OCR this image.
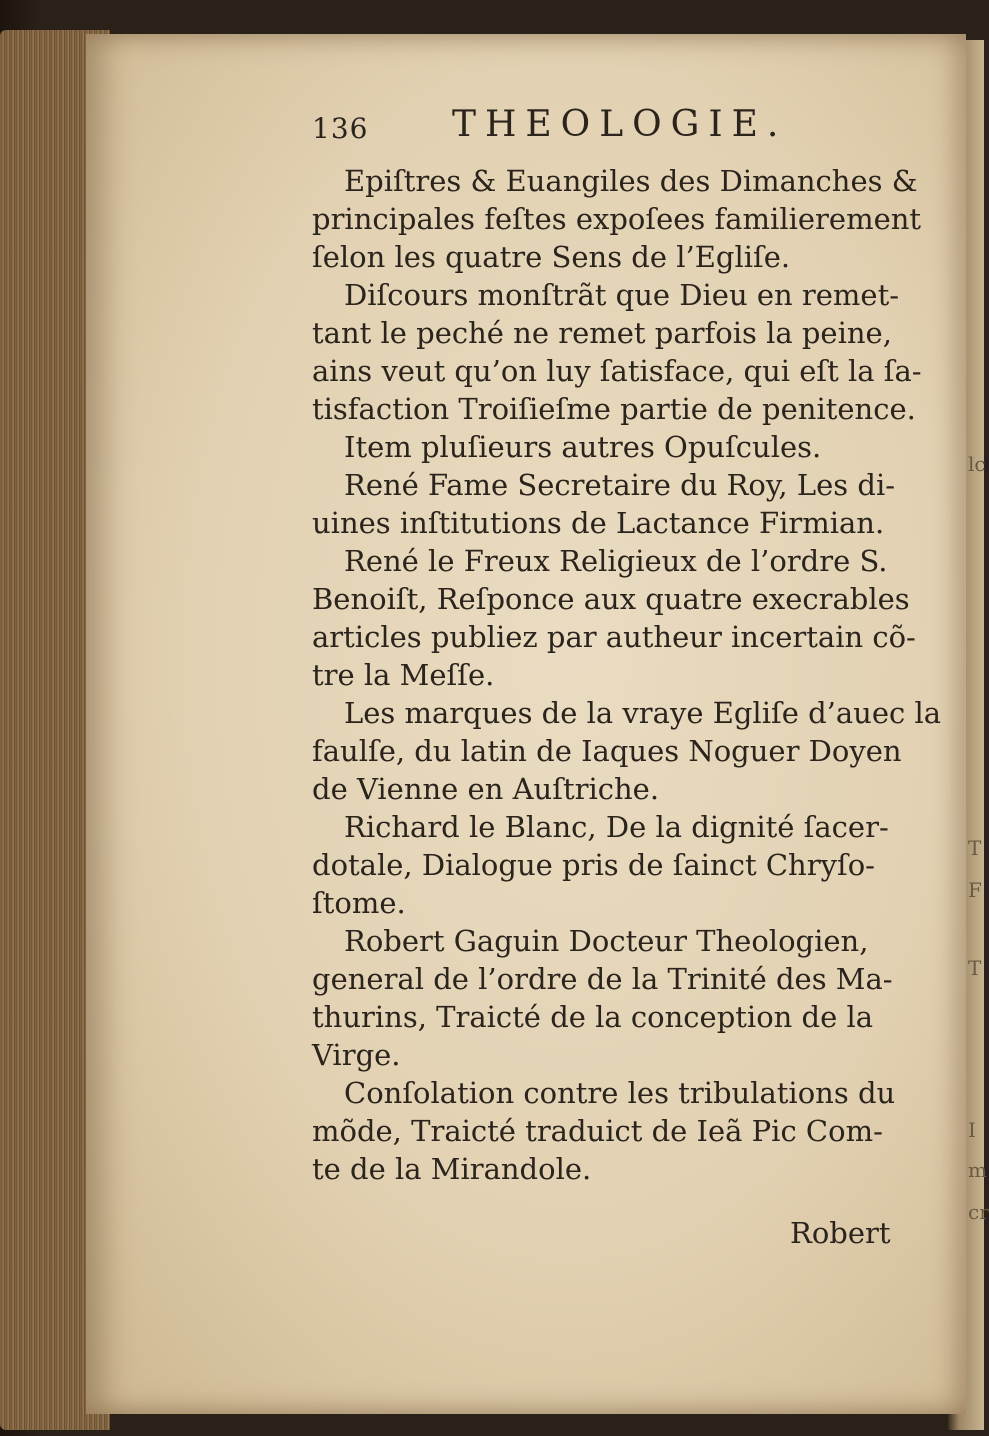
lc
T
F
T
I
m
cr
136 THEOLOGIE.

Epiſtres & Euangiles des Dimanches &
principales feſtes expoſees familierement
ſelon les quatre Sens de l’Egliſe.

Diſcours monſtrãt que Dieu en remet-
tant le peché ne remet parfois la peine,
ains veut qu’on luy ſatisface, qui eſt la ſa-
tisfaction Troiſieſme partie de penitence.

Item pluſieurs autres Opuſcules.

René Fame Secretaire du Roy, Les di-
uines inſtitutions de Lactance Firmian.

René le Freux Religieux de l’ordre S.
Benoiſt, Reſponce aux quatre execrables
articles publiez par autheur incertain cõ-
tre la Meſſe.

Les marques de la vraye Egliſe d’auec la
faulſe, du latin de Iaques Noguer Doyen
de Vienne en Auſtriche.

Richard le Blanc, De la dignité ſacer-
dotale, Dialogue pris de ſainct Chryſo-
ſtome.

Robert Gaguin Docteur Theologien,
general de l’ordre de la Trinité des Ma-
thurins, Traicté de la conception de la
Virge.

Conſolation contre les tribulations du
mõde, Traicté traduict de Ieã Pic Com-
te de la Mirandole.

Robert
